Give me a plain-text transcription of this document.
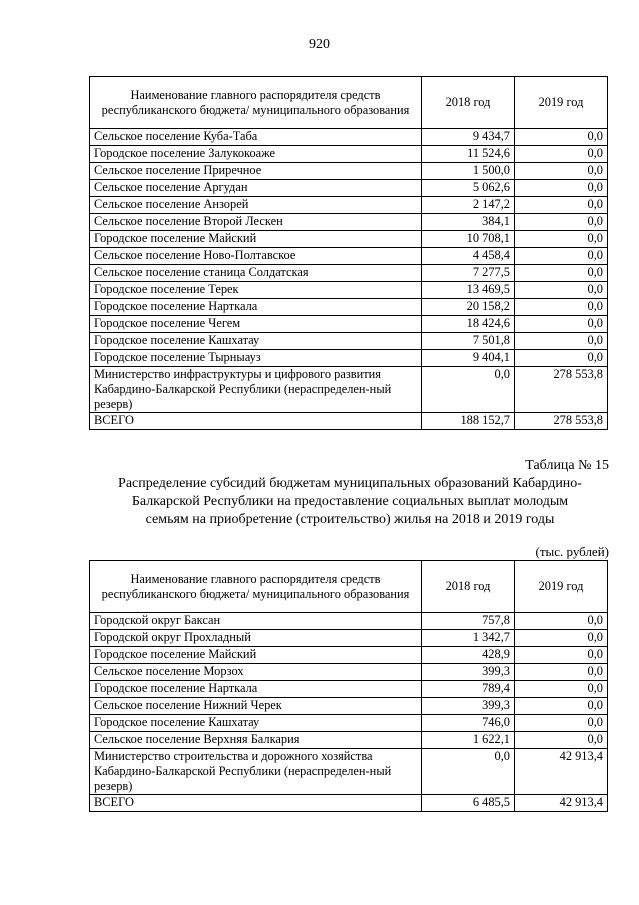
920
Наименование главного распорядителя средств республиканского бюджета/ муниципального образования	2018 год	2019 год
Сельское поселение Куба-Таба	9 434,7	0,0
Городское поселение Залукокоаже	11 524,6	0,0
Сельское поселение Приречное	1 500,0	0,0
Сельское поселение Аргудан	5 062,6	0,0
Сельское поселение Анзорей	2 147,2	0,0
Сельское поселение Второй Лескен	384,1	0,0
Городское поселение Майский	10 708,1	0,0
Сельское поселение Ново-Полтавское	4 458,4	0,0
Сельское поселение станица Солдатская	7 277,5	0,0
Городское поселение Терек	13 469,5	0,0
Городское поселение Нарткала	20 158,2	0,0
Городское поселение Чегем	18 424,6	0,0
Городское поселение Кашхатау	7 501,8	0,0
Городское поселение Тырныауз	9 404,1	0,0
Министерство инфраструктуры и цифрового развития Кабардино-Балкарской Республики (нераспределен-ный резерв)	0,0	278 553,8
ВСЕГО	188 152,7	278 553,8
Таблица № 15
Распределение субсидий бюджетам муниципальных образований Кабардино-Балкарской Республики на предоставление социальных выплат молодым семьям на приобретение (строительство) жилья на 2018 и 2019 годы
(тыс. рублей)
Наименование главного распорядителя средств республиканского бюджета/ муниципального образования	2018 год	2019 год
Городской округ Баксан	757,8	0,0
Городской округ Прохладный	1 342,7	0,0
Городское поселение Майский	428,9	0,0
Сельское поселение Морзох	399,3	0,0
Городское поселение Нарткала	789,4	0,0
Сельское поселение Нижний Черек	399,3	0,0
Городское поселение Кашхатау	746,0	0,0
Сельское поселение Верхняя Балкария	1 622,1	0,0
Министерство строительства и дорожного хозяйства Кабардино-Балкарской Республики (нераспределен-ный резерв)	0,0	42 913,4
ВСЕГО	6 485,5	42 913,4
